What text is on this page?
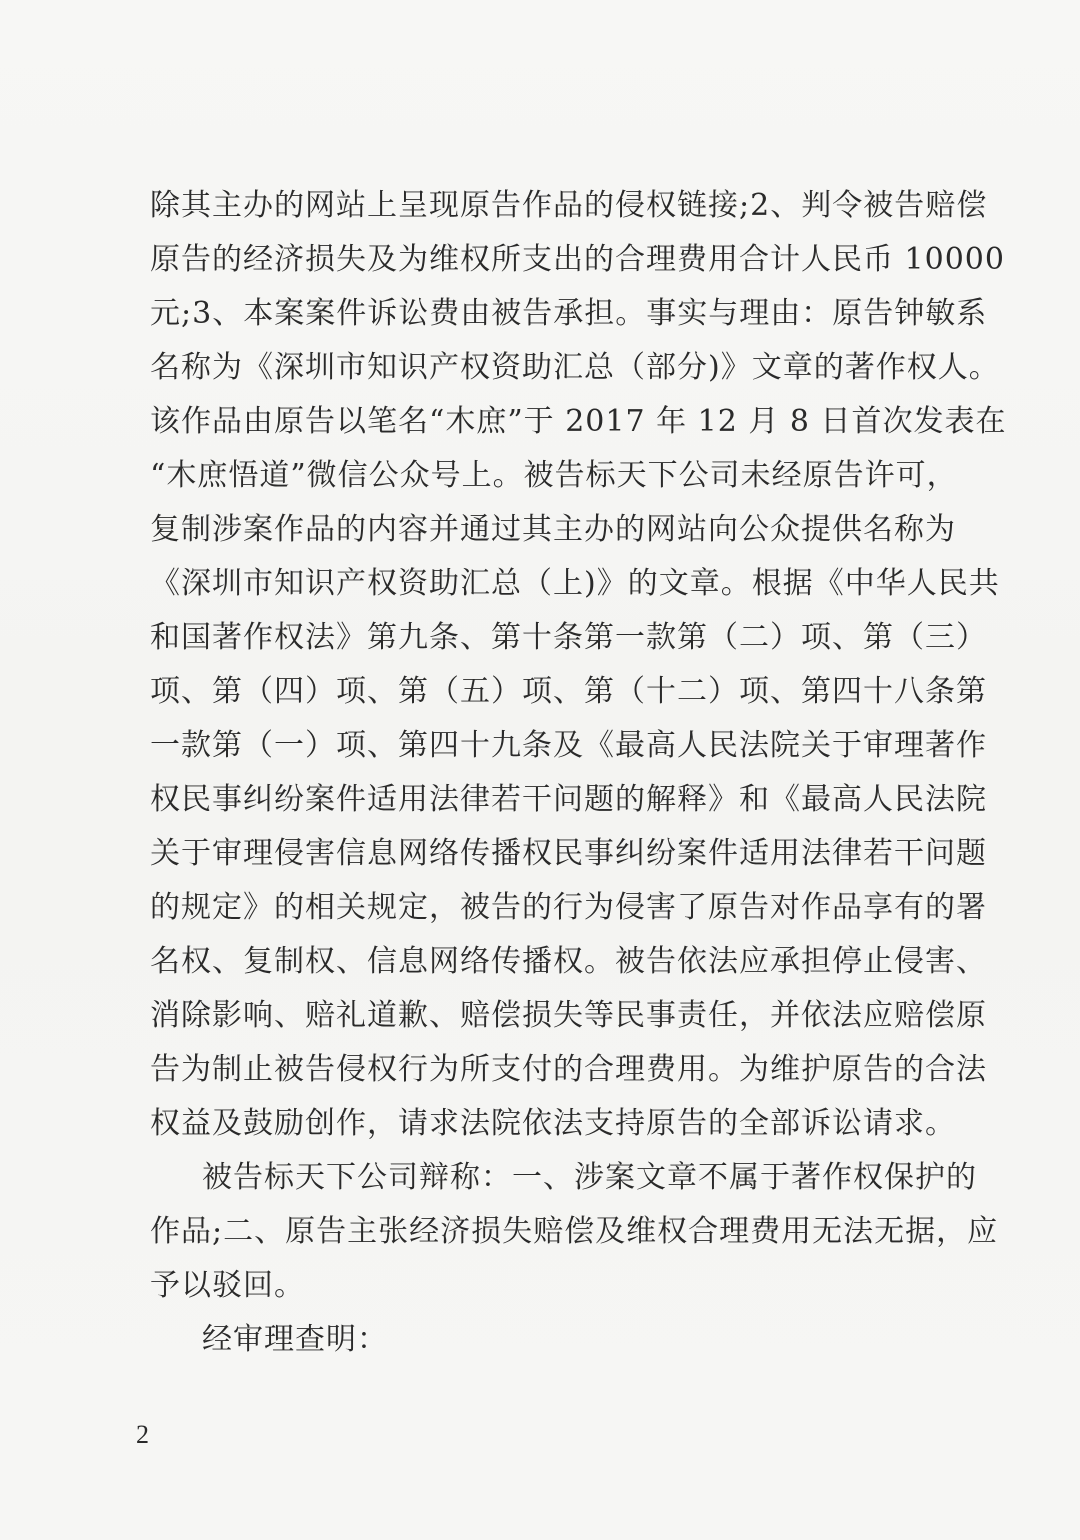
除其主办的网站上呈现原告作品的侵权链接;2、判令被告赔偿
原告的经济损失及为维权所支出的合理费用合计人民币 10000
元;3、本案案件诉讼费由被告承担。事实与理由：原告钟敏系
名称为《深圳市知识产权资助汇总（部分)》文章的著作权人。
该作品由原告以笔名“木庶”于 2017 年 12 月 8 日首次发表在
“木庶悟道”微信公众号上。被告标天下公司未经原告许可，
复制涉案作品的内容并通过其主办的网站向公众提供名称为
《深圳市知识产权资助汇总（上)》的文章。根据《中华人民共
和国著作权法》第九条、第十条第一款第（二）项、第（三）
项、第（四）项、第（五）项、第（十二）项、第四十八条第
一款第（一）项、第四十九条及《最高人民法院关于审理著作
权民事纠纷案件适用法律若干问题的解释》和《最高人民法院
关于审理侵害信息网络传播权民事纠纷案件适用法律若干问题
的规定》的相关规定，被告的行为侵害了原告对作品享有的署
名权、复制权、信息网络传播权。被告依法应承担停止侵害、
消除影响、赔礼道歉、赔偿损失等民事责任，并依法应赔偿原
告为制止被告侵权行为所支付的合理费用。为维护原告的合法
权益及鼓励创作，请求法院依法支持原告的全部诉讼请求。
被告标天下公司辩称：一、涉案文章不属于著作权保护的
作品;二、原告主张经济损失赔偿及维权合理费用无法无据，应
予以驳回。
经审理查明：
2
